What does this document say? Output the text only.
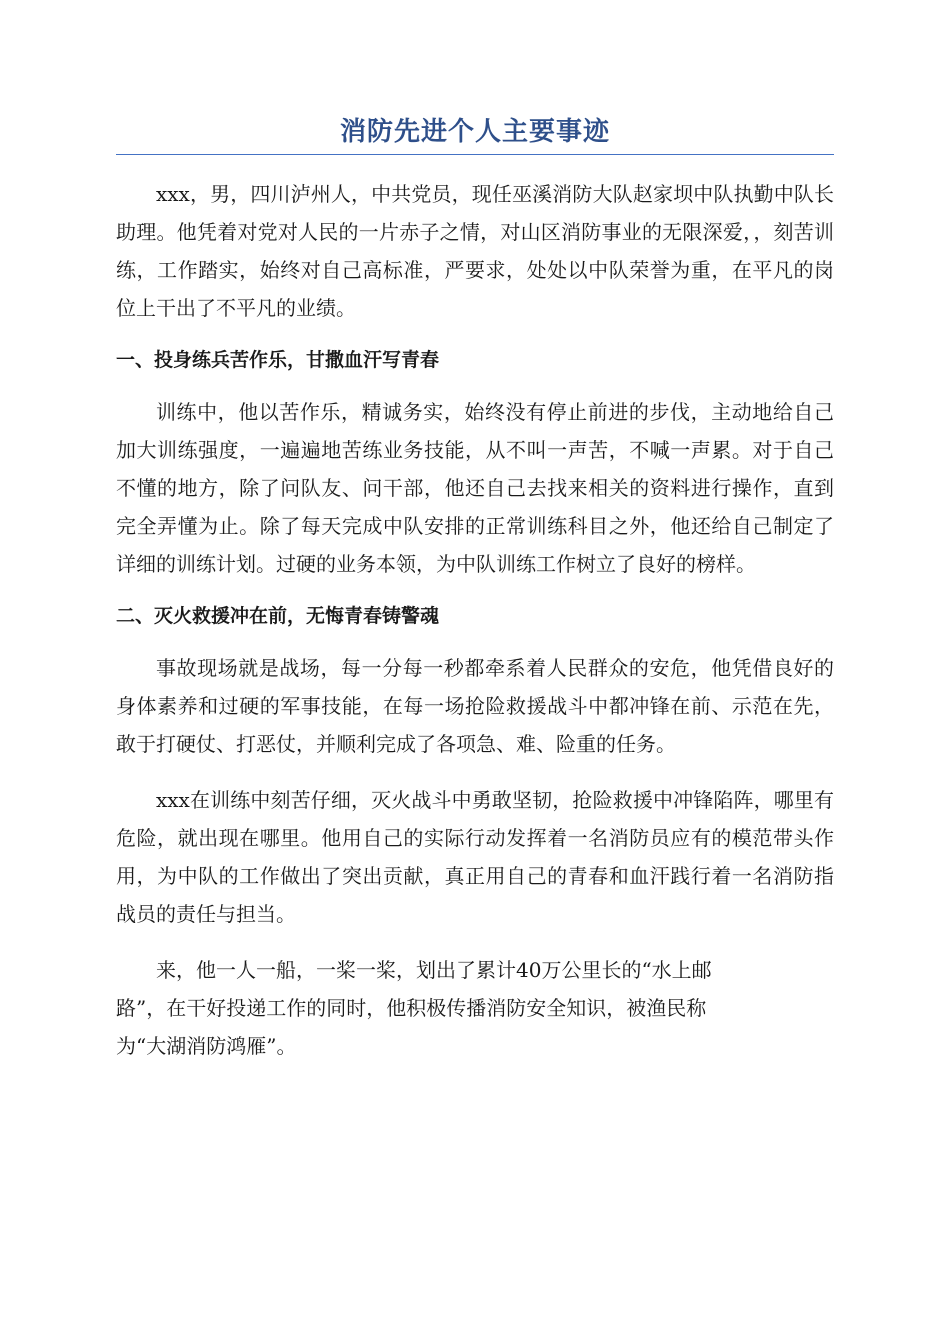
消防先进个人主要事迹

xxx，男，四川泸州人，中共党员，现任巫溪消防大队赵家坝中队执勤中队长助理。他凭着对党对人民的一片赤子之情，对山区消防事业的无限深爱，，刻苦训练，工作踏实，始终对自己高标准，严要求，处处以中队荣誉为重，在平凡的岗位上干出了不平凡的业绩。

一、投身练兵苦作乐，甘撒血汗写青春

训练中，他以苦作乐，精诚务实，始终没有停止前进的步伐，主动地给自己加大训练强度，一遍遍地苦练业务技能，从不叫一声苦，不喊一声累。对于自己不懂的地方，除了问队友、问干部，他还自己去找来相关的资料进行操作，直到完全弄懂为止。除了每天完成中队安排的正常训练科目之外，他还给自己制定了详细的训练计划。过硬的业务本领，为中队训练工作树立了良好的榜样。

二、灭火救援冲在前，无悔青春铸警魂

事故现场就是战场，每一分每一秒都牵系着人民群众的安危，他凭借良好的身体素养和过硬的军事技能，在每一场抢险救援战斗中都冲锋在前、示范在先，敢于打硬仗、打恶仗，并顺利完成了各项急、难、险重的任务。

xxx在训练中刻苦仔细，灭火战斗中勇敢坚韧，抢险救援中冲锋陷阵，哪里有危险，就出现在哪里。他用自己的实际行动发挥着一名消防员应有的模范带头作用，为中队的工作做出了突出贡献，真正用自己的青春和血汗践行着一名消防指战员的责任与担当。

来，他一人一船，一桨一桨，划出了累计40万公里长的“水上邮
路”，在干好投递工作的同时，他积极传播消防安全知识，被渔民称
为“大湖消防鸿雁”。
